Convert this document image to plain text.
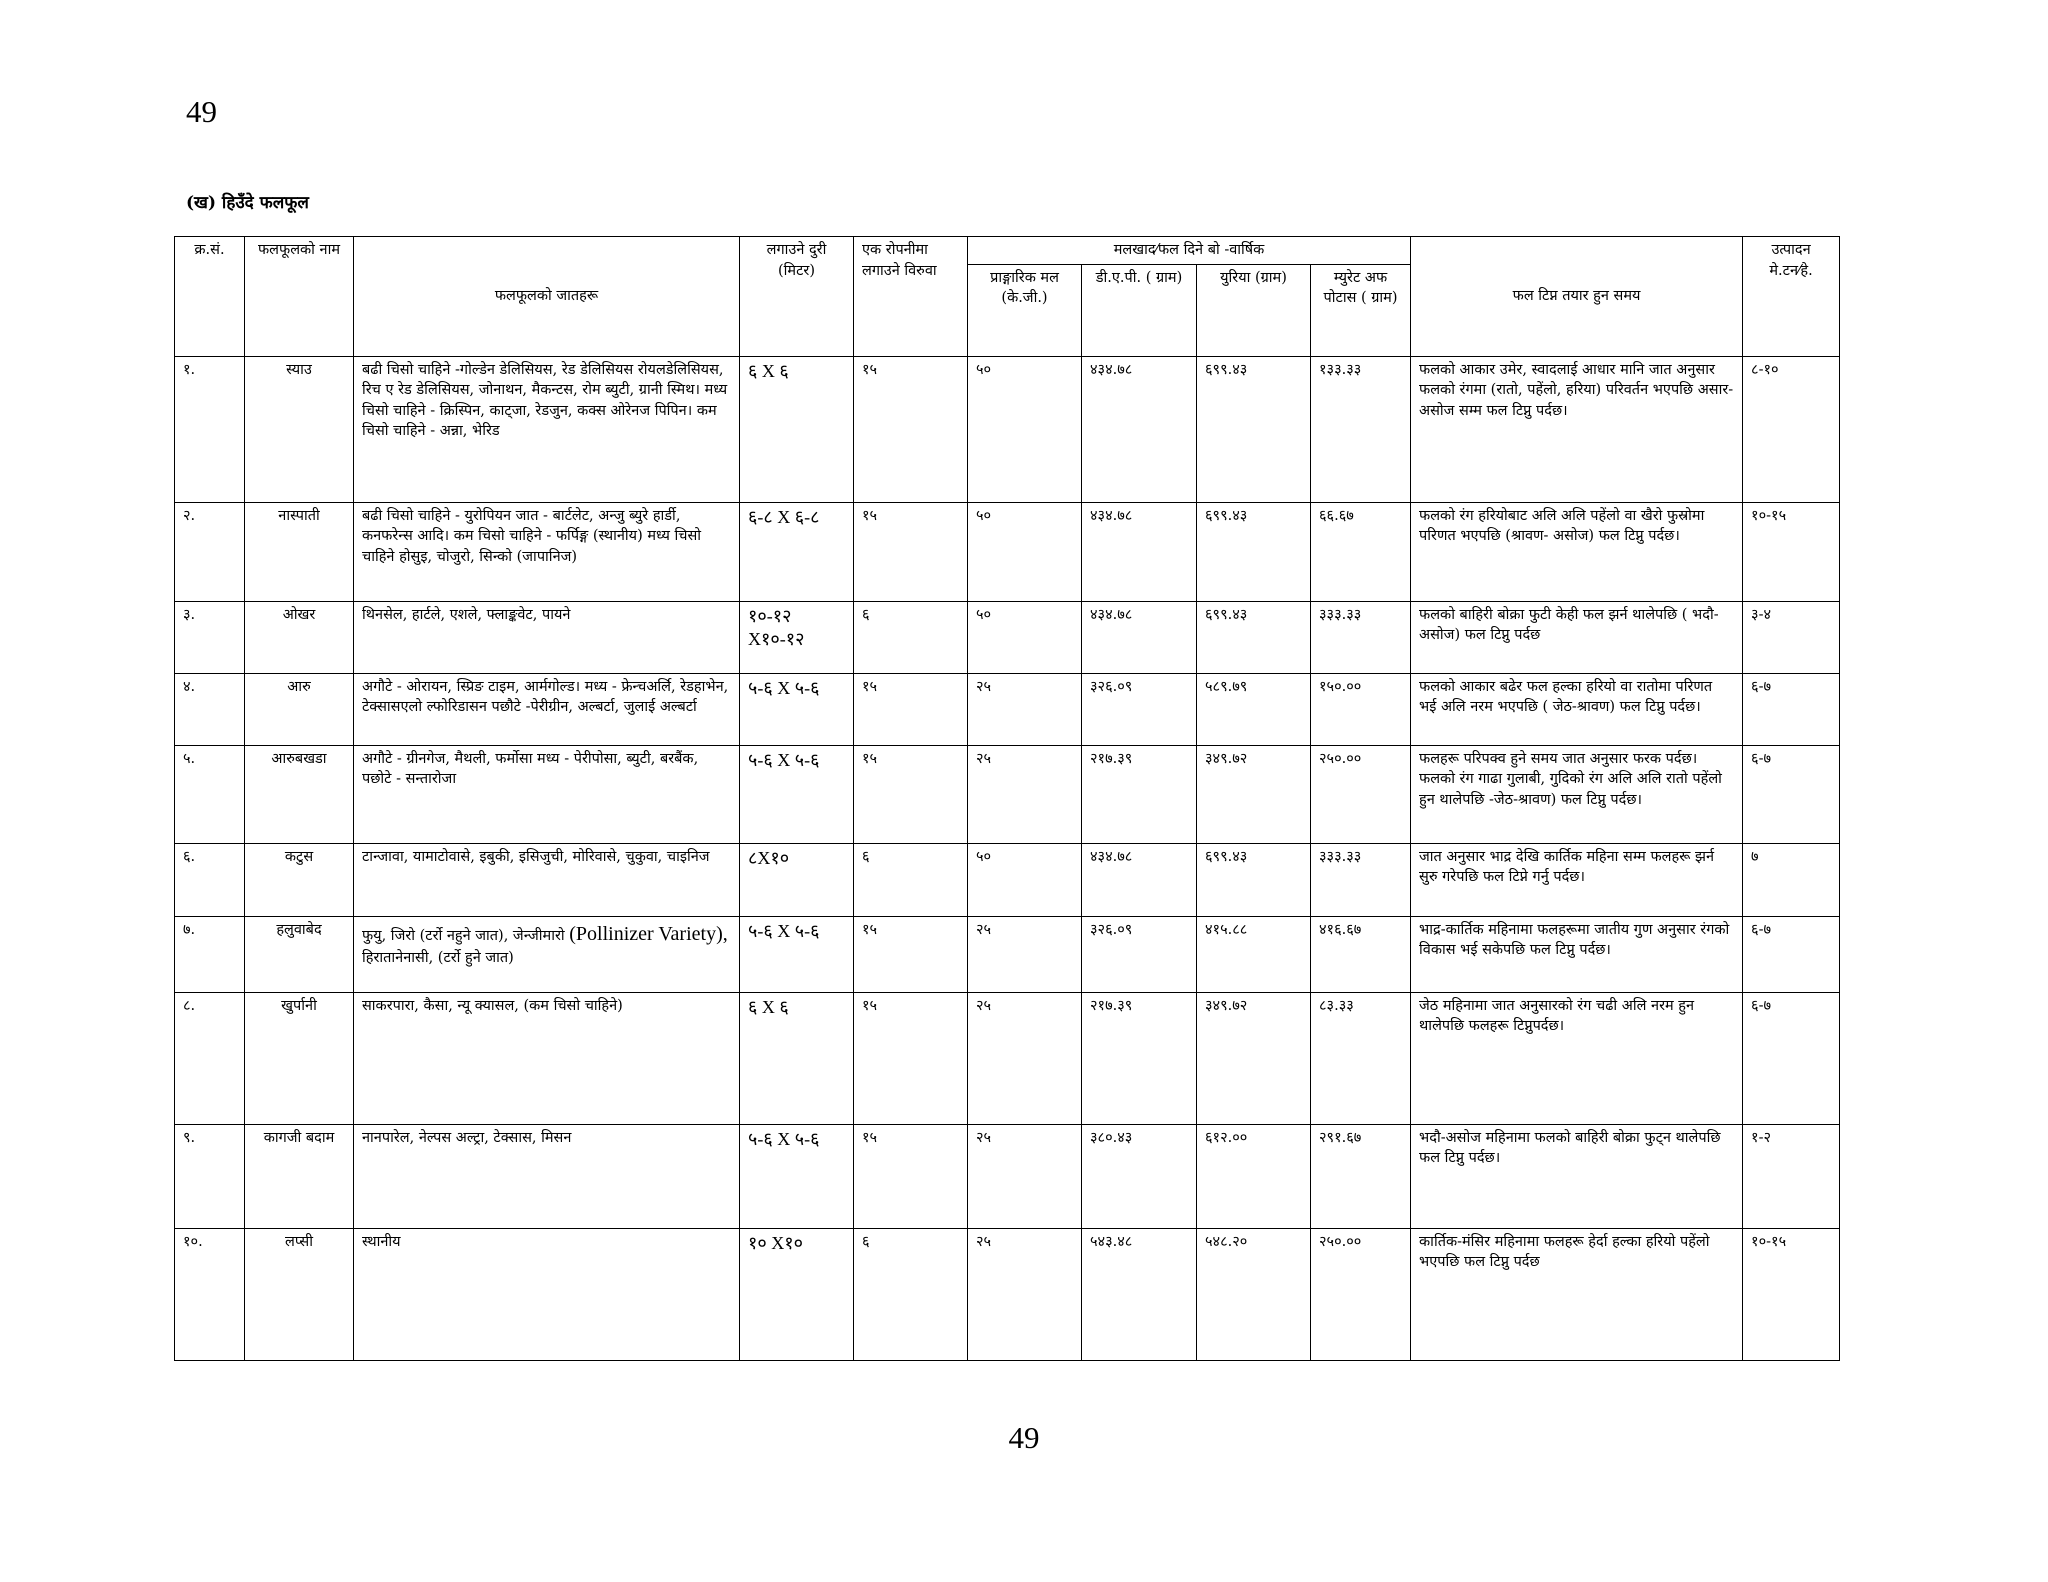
49
(ख) हिउँदे फलफूल
क्र.सं.	फलफूलको नाम	फलफूलको जातहरू	लगाउने दुरी (मिटर)	एक रोपनीमा लगाउने विरुवा	मलखाद⁄फल दिने बो -वार्षिक				फल टिप्न तयार हुन समय	उत्पादन मे.टन⁄हे.
					प्राङ्गारिक मल (के.जी.)	डी.ए.पी. ( ग्राम)	युरिया (ग्राम)	म्युरेट अफ पोटास ( ग्राम)		
१.	स्याउ	बढी चिसो चाहिने -गोल्डेन डेलिसियस, रेड डेलिसियस रोयलडेलिसियस, रिच ए रेड डेलिसियस, जोनाथन, मैकन्टस, रोम ब्युटी, ग्रानी स्मिथ। मध्य चिसो चाहिने - क्रिस्पिन, काट्जा, रेडजुन, कक्स ओरेनज पिपिन। कम चिसो चाहिने - अन्ना, भेरिड	६ X ६	१५	५०	४३४.७८	६९९.४३	१३३.३३	फलको आकार उमेर, स्वादलाई आधार मानि जात अनुसार फलको रंगमा (रातो, पहेंलो, हरिया) परिवर्तन भएपछि असार- असोज सम्म फल टिप्नु पर्दछ।	८-१०
२.	नास्पाती	बढी चिसो चाहिने - युरोपियन जात - बार्टलेट, अन्जु ब्युरे हार्डी, कनफरेन्स आदि। कम चिसो चाहिने - फर्पिङ्ग (स्थानीय) मध्य चिसो चाहिने होसुइ, चोजुरो, सिन्को (जापानिज)	६-८ X ६-८	१५	५०	४३४.७८	६९९.४३	६६.६७	फलको रंग हरियोबाट अलि अलि पहेंलो वा खैरो फुस्रोमा परिणत भएपछि (श्रावण- असोज) फल टिप्नु पर्दछ।	१०-१५
३.	ओखर	थिनसेल, हार्टले, एशले, फ्लाङ्कवेट, पायने	१०-१२ X१०-१२	६	५०	४३४.७८	६९९.४३	३३३.३३	फलको बाहिरी बोक्रा फुटी केही फल झर्न थालेपछि ( भदौ-असोज) फल टिप्नु पर्दछ	३-४
४.	आरु	अगौटे - ओरायन, स्प्रिङ टाइम, आर्मगोल्ड। मध्य - फ्रेन्चअर्लि, रेडहाभेन, टेक्सासएलो ल्फोरिडासन पछौटे -पेरीग्रीन, अल्बर्टा, जुलाई अल्बर्टा	५-६ X ५-६	१५	२५	३२६.०९	५८९.७९	१५०.००	फलको आकार बढेर फल हल्का हरियो वा रातोमा परिणत भई अलि नरम भएपछि ( जेठ-श्रावण) फल टिप्नु पर्दछ।	६-७
५.	आरुबखडा	अगौटे - ग्रीनगेज, मैथली, फर्मोसा मध्य - पेरीपोसा, ब्युटी, बरबैंक, पछोटे - सन्तारोजा	५-६ X ५-६	१५	२५	२१७.३९	३४९.७२	२५०.००	फलहरू परिपक्व हुने समय जात अनुसार फरक पर्दछ। फलको रंग गाढा गुलाबी, गुदिको रंग अलि अलि रातो पहेंलो हुन थालेपछि -जेठ-श्रावण) फल टिप्नु पर्दछ।	६-७
६.	कटुस	टान्जावा, यामाटोवासे, इबुकी, इसिजुची, मोरिवासे, चुकुवा, चाइनिज	८X१०	६	५०	४३४.७८	६९९.४३	३३३.३३	जात अनुसार भाद्र देखि कार्तिक महिना सम्म फलहरू झर्न सुरु गरेपछि फल टिप्ने गर्नु पर्दछ।	७
७.	हलुवाबेद	फुयु, जिरो (टर्रो नहुने जात), जेन्जीमारो (Pollinizer Variety), हिरातानेनासी, (टर्रो हुने जात)	५-६ X ५-६	१५	२५	३२६.०९	४१५.८८	४१६.६७	भाद्र-कार्तिक महिनामा फलहरूमा जातीय गुण अनुसार रंगको विकास भई सकेपछि फल टिप्नु पर्दछ।	६-७
८.	खुर्पानी	साकरपारा, कैसा, न्यू क्यासल, (कम चिसो चाहिने)	६ X ६	१५	२५	२१७.३९	३४९.७२	८३.३३	जेठ महिनामा जात अनुसारको रंग चढी अलि नरम हुन थालेपछि फलहरू टिप्नुपर्दछ।	६-७
९.	कागजी बदाम	नानपारेल, नेल्पस अल्ट्रा, टेक्सास, मिसन	५-६ X ५-६	१५	२५	३८०.४३	६१२.००	२९१.६७	भदौ-असोज महिनामा फलको बाहिरी बोक्रा फुट्न थालेपछि फल टिप्नु पर्दछ।	१-२
१०.	लप्सी	स्थानीय	१० X१०	६	२५	५४३.४८	५४८.२०	२५०.००	कार्तिक-मंसिर महिनामा फलहरू हेर्दा हल्का हरियो पहेंलो भएपछि फल टिप्नु पर्दछ	१०-१५
49
